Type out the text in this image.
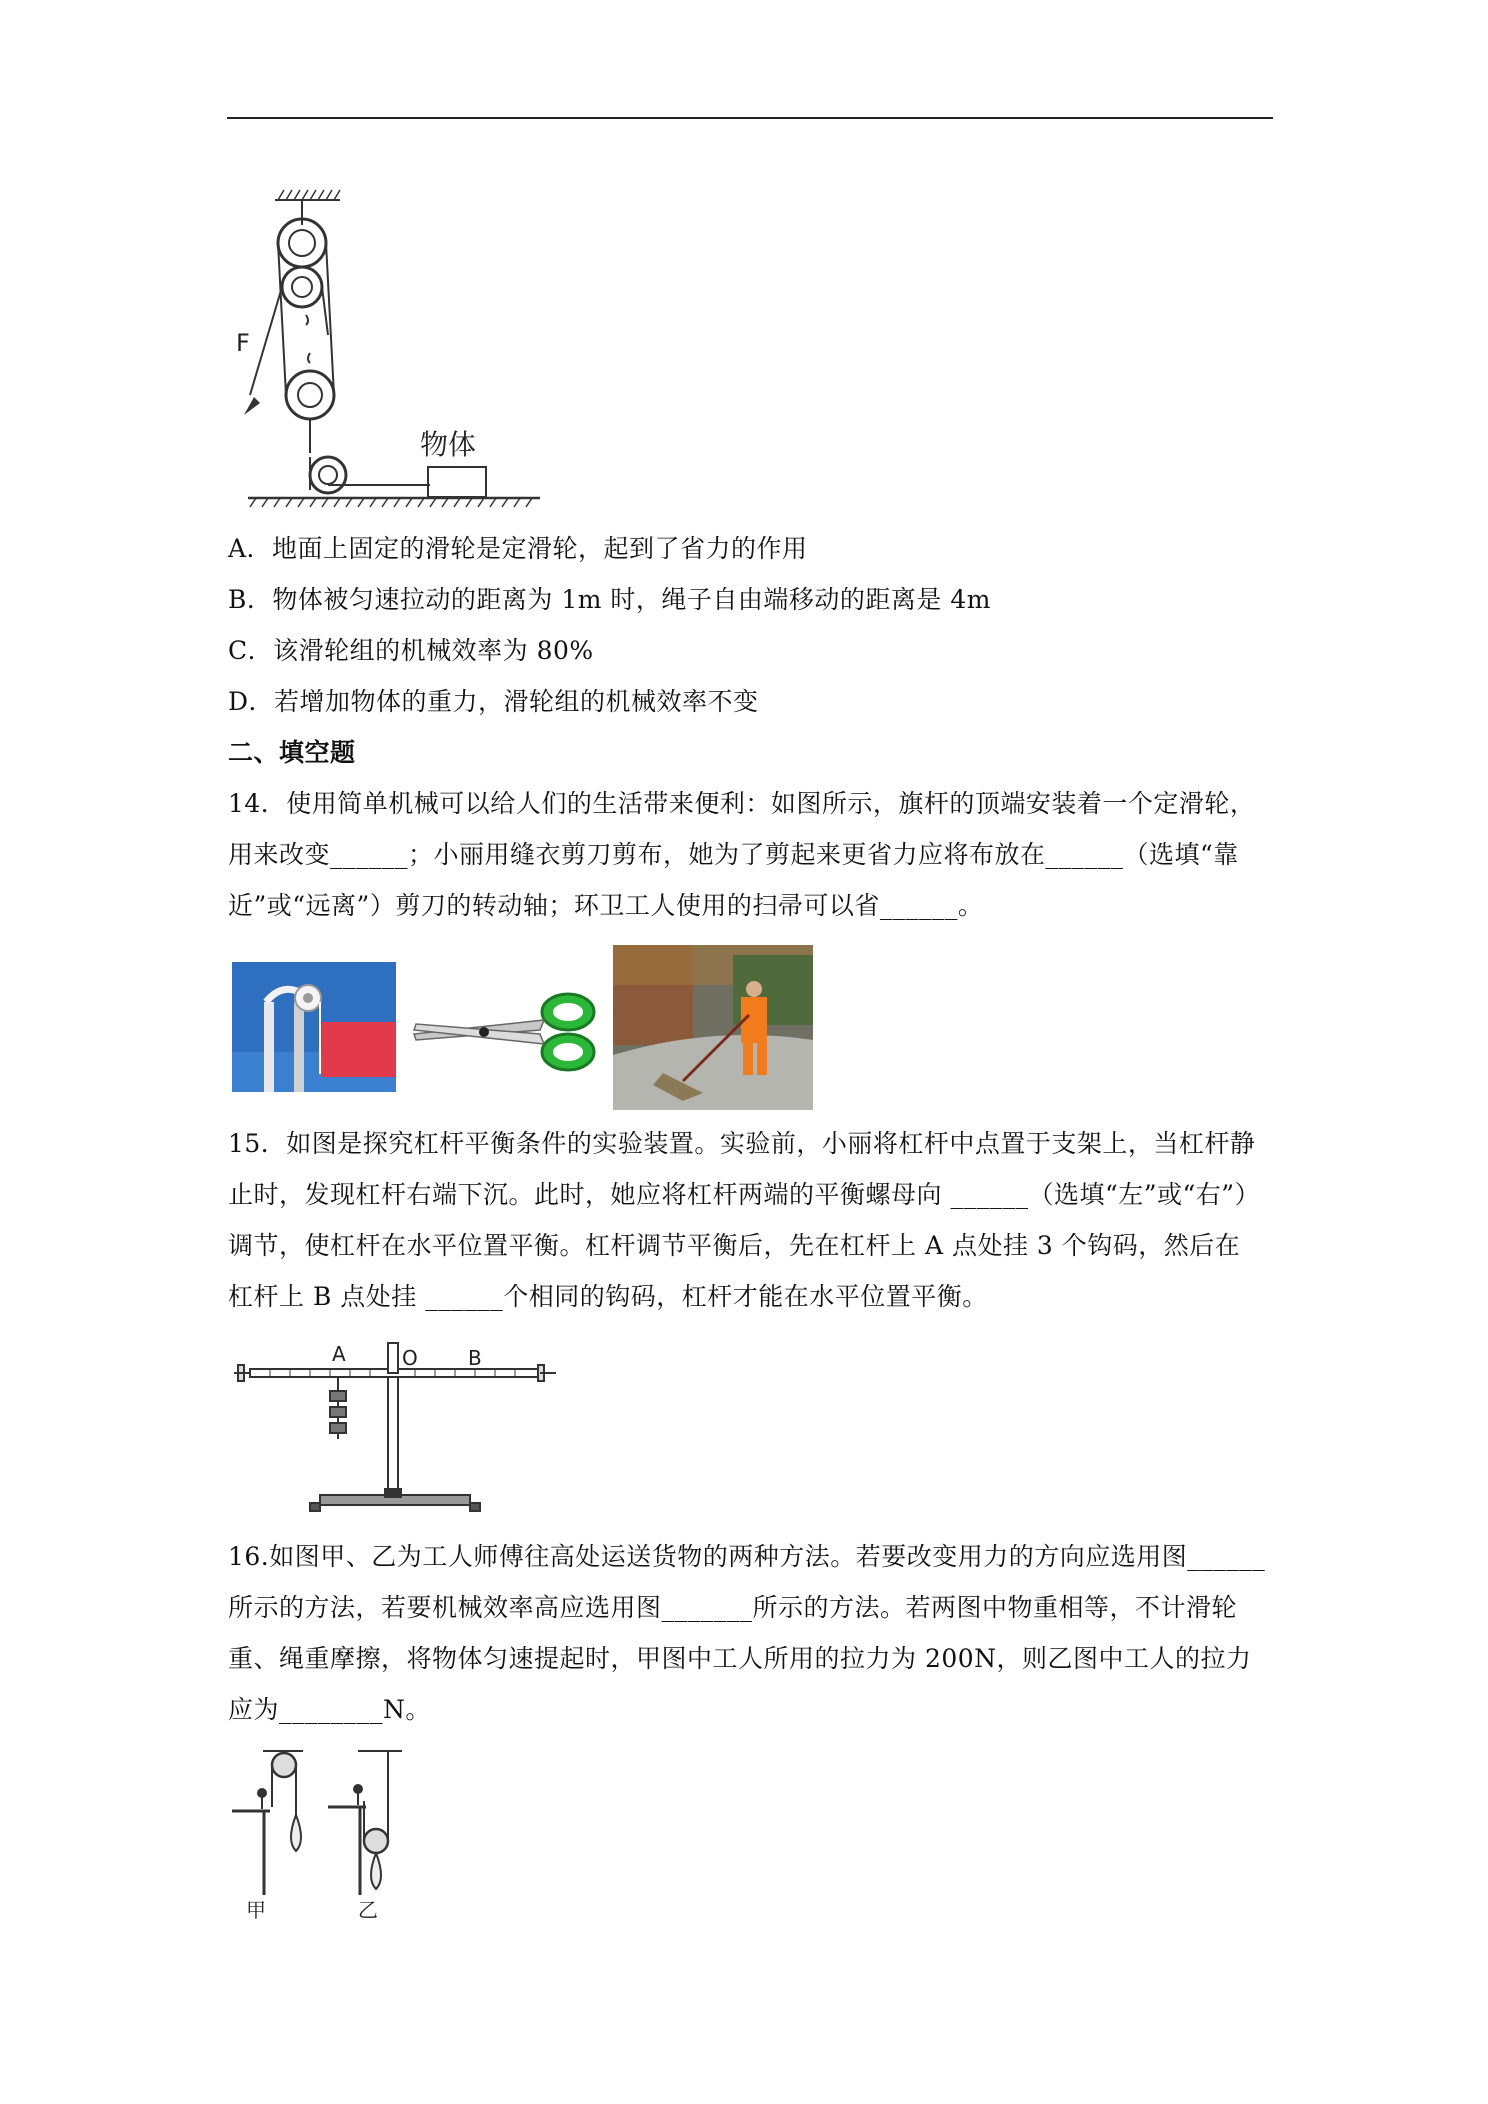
F
物体
A．地面上固定的滑轮是定滑轮，起到了省力的作用
B．物体被匀速拉动的距离为 1m 时，绳子自由端移动的距离是 4m
C．该滑轮组的机械效率为 80%
D．若增加物体的重力，滑轮组的机械效率不变
二、填空题
14．使用简单机械可以给人们的生活带来便利：如图所示，旗杆的顶端安装着一个定滑轮，
用来改变______；小丽用缝衣剪刀剪布，她为了剪起来更省力应将布放在______（选填“靠
近”或“远离”）剪刀的转动轴；环卫工人使用的扫帚可以省______。
15．如图是探究杠杆平衡条件的实验装置。实验前，小丽将杠杆中点置于支架上，当杠杆静
止时，发现杠杆右端下沉。此时，她应将杠杆两端的平衡螺母向 ______（选填“左”或“右”）
调节，使杠杆在水平位置平衡。杠杆调节平衡后，先在杠杆上 A 点处挂 3 个钩码，然后在
杠杆上 B 点处挂 ______个相同的钩码，杠杆才能在水平位置平衡。
A	O	B
16.如图甲、乙为工人师傅往高处运送货物的两种方法。若要改变用力的方向应选用图______
所示的方法，若要机械效率高应选用图_______所示的方法。若两图中物重相等，不计滑轮
重、绳重摩擦，将物体匀速提起时，甲图中工人所用的拉力为 200N，则乙图中工人的拉力
应为________N。
甲	乙
